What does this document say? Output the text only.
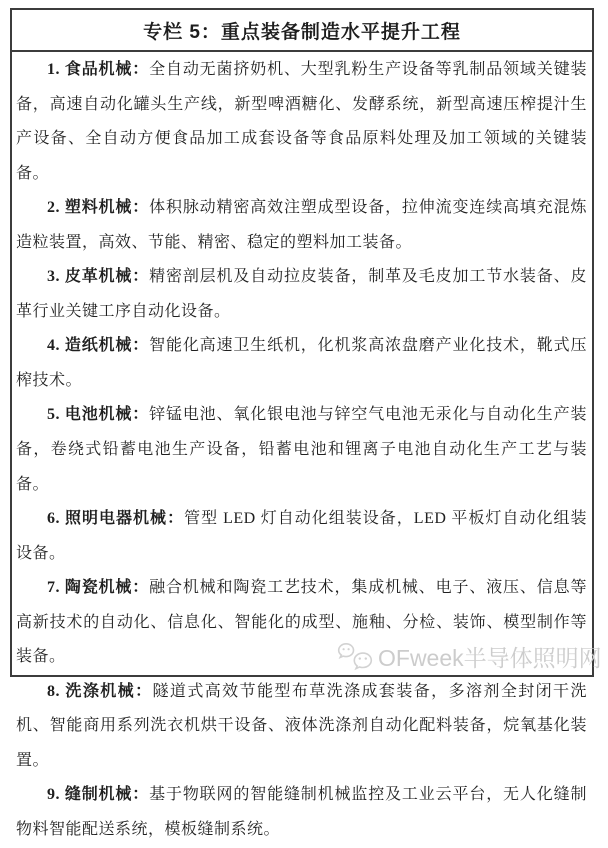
专栏 5：重点装备制造水平提升工程

1. 食品机械：全自动无菌挤奶机、大型乳粉生产设备等乳制品领域关键装备，高速自动化罐头生产线，新型啤酒糖化、发酵系统，新型高速压榨提汁生产设备、全自动方便食品加工成套设备等食品原料处理及加工领域的关键装备。

2. 塑料机械：体积脉动精密高效注塑成型设备，拉伸流变连续高填充混炼造粒装置，高效、节能、精密、稳定的塑料加工装备。

3. 皮革机械：精密剖层机及自动拉皮装备，制革及毛皮加工节水装备、皮革行业关键工序自动化设备。

4. 造纸机械：智能化高速卫生纸机，化机浆高浓盘磨产业化技术，靴式压榨技术。

5. 电池机械：锌锰电池、氧化银电池与锌空气电池无汞化与自动化生产装备，卷绕式铅蓄电池生产设备，铅蓄电池和锂离子电池自动化生产工艺与装备。

6. 照明电器机械：管型 LED 灯自动化组装设备，LED 平板灯自动化组装设备。

7. 陶瓷机械：融合机械和陶瓷工艺技术，集成机械、电子、液压、信息等高新技术的自动化、信息化、智能化的成型、施釉、分检、装饰、模型制作等装备。

8. 洗涤机械：隧道式高效节能型布草洗涤成套装备，多溶剂全封闭干洗机、智能商用系列洗衣机烘干设备、液体洗涤剂自动化配料装备，烷氧基化装置。

9. 缝制机械：基于物联网的智能缝制机械监控及工业云平台，无人化缝制物料智能配送系统，模板缝制系统。

OFweek半导体照明网
